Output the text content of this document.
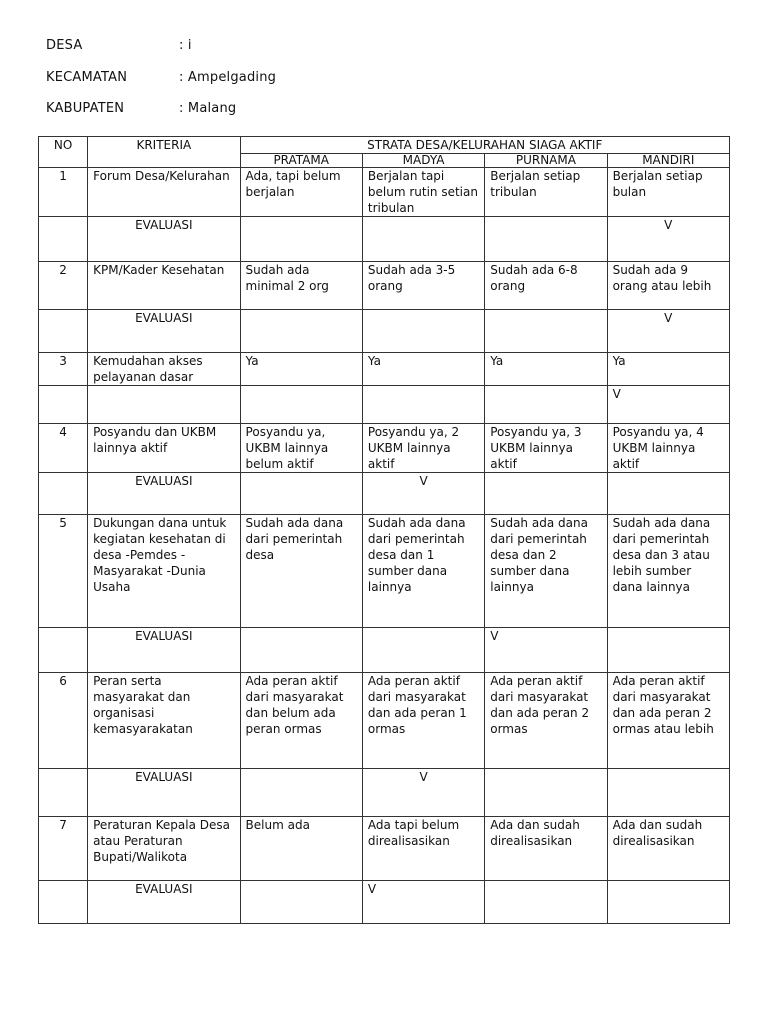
DESA	: i
KECAMATAN	: Ampelgading
KABUPATEN	: Malang
NO	KRITERIA	STRATA DESA/KELURAHAN SIAGA AKTIF			
		PRATAMA	MADYA	PURNAMA	MANDIRI
1	Forum Desa/Kelurahan	Ada, tapi belum berjalan	Berjalan tapi belum rutin setian tribulan	Berjalan setiap tribulan	Berjalan setiap bulan

	EVALUASI				V

2	KPM/Kader Kesehatan	Sudah ada minimal 2 org	Sudah ada 3-5 orang	Sudah ada 6-8 orang	Sudah ada 9 orang atau lebih

	EVALUASI				V

3	Kemudahan akses pelayanan dasar	Ya	Ya	Ya	Ya

					V

4	Posyandu dan UKBM lainnya aktif	Posyandu ya, UKBM lainnya belum aktif	Posyandu ya, 2 UKBM lainnya aktif	Posyandu ya, 3 UKBM lainnya aktif	Posyandu ya, 4 UKBM lainnya aktif

	EVALUASI		V		

5	Dukungan dana untuk kegiatan kesehatan di desa -Pemdes -Masyarakat -Dunia Usaha	Sudah ada dana dari pemerintah desa	Sudah ada dana dari pemerintah desa dan 1 sumber dana lainnya	Sudah ada dana dari pemerintah desa dan 2 sumber dana lainnya	Sudah ada dana dari pemerintah desa dan 3 atau lebih sumber dana lainnya

	EVALUASI			V	

6	Peran serta masyarakat dan organisasi kemasyarakatan	Ada peran aktif dari masyarakat dan belum ada peran ormas	Ada peran aktif dari masyarakat dan ada peran 1 ormas	Ada peran aktif dari masyarakat dan ada peran 2 ormas	Ada peran aktif dari masyarakat dan ada peran 2 ormas atau lebih

	EVALUASI		V		

7	Peraturan Kepala Desa atau Peraturan Bupati/Walikota	Belum ada	Ada tapi belum direalisasikan	Ada dan sudah direalisasikan	Ada dan sudah direalisasikan

	EVALUASI		V		
